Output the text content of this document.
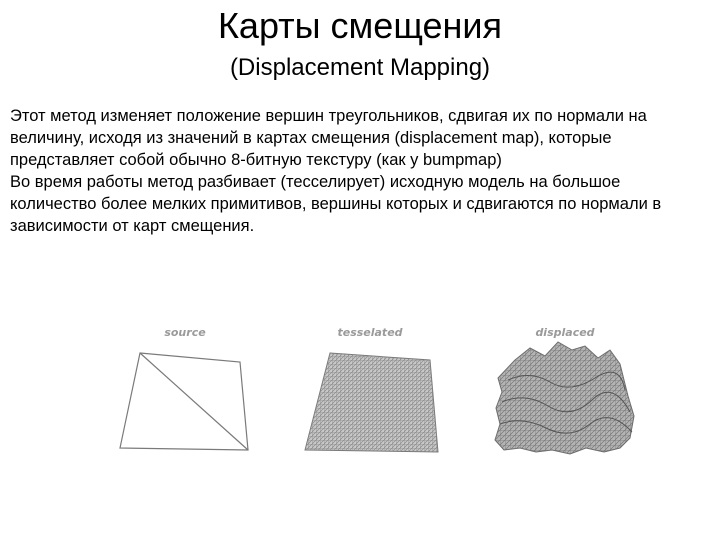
Карты смещения
(Displacement Mapping)

Этот метод изменяет положение вершин треугольников, сдвигая их по нормали на величину, исходя из значений в картах смещения (displacement map), которые представляет собой обычно 8-битную текстуру (как у bumpmap)

Во время работы метод разбивает (тесселирует) исходную модель на большое количество более мелких примитивов, вершины которых и сдвигаются по нормали в зависимости от карт смещения.

source	tesselated	displaced
